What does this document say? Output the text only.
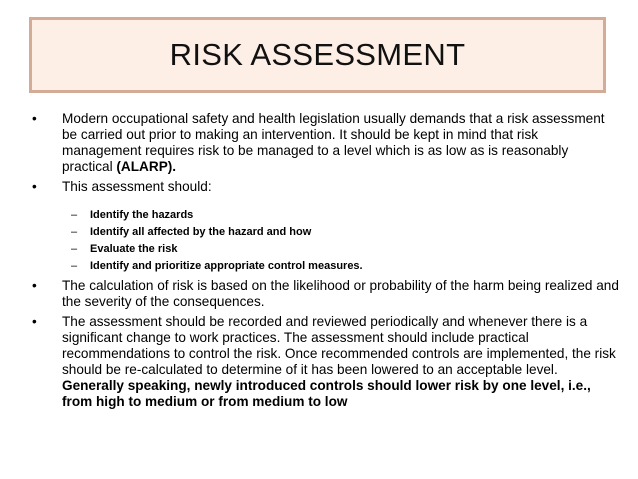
RISK ASSESSMENT
• Modern occupational safety and health legislation usually demands that a risk assessment be carried out prior to making an intervention. It should be kept in mind that risk management requires risk to be managed to a level which is as low as is reasonably practical (ALARP).
• This assessment should:
– Identify the hazards
– Identify all affected by the hazard and how
– Evaluate the risk
– Identify and prioritize appropriate control measures.
• The calculation of risk is based on the likelihood or probability of the harm being realized and the severity of the consequences.
• The assessment should be recorded and reviewed periodically and whenever there is a significant change to work practices. The assessment should include practical recommendations to control the risk. Once recommended controls are implemented, the risk should be re-calculated to determine of it has been lowered to an acceptable level. Generally speaking, newly introduced controls should lower risk by one level, i.e., from high to medium or from medium to low
